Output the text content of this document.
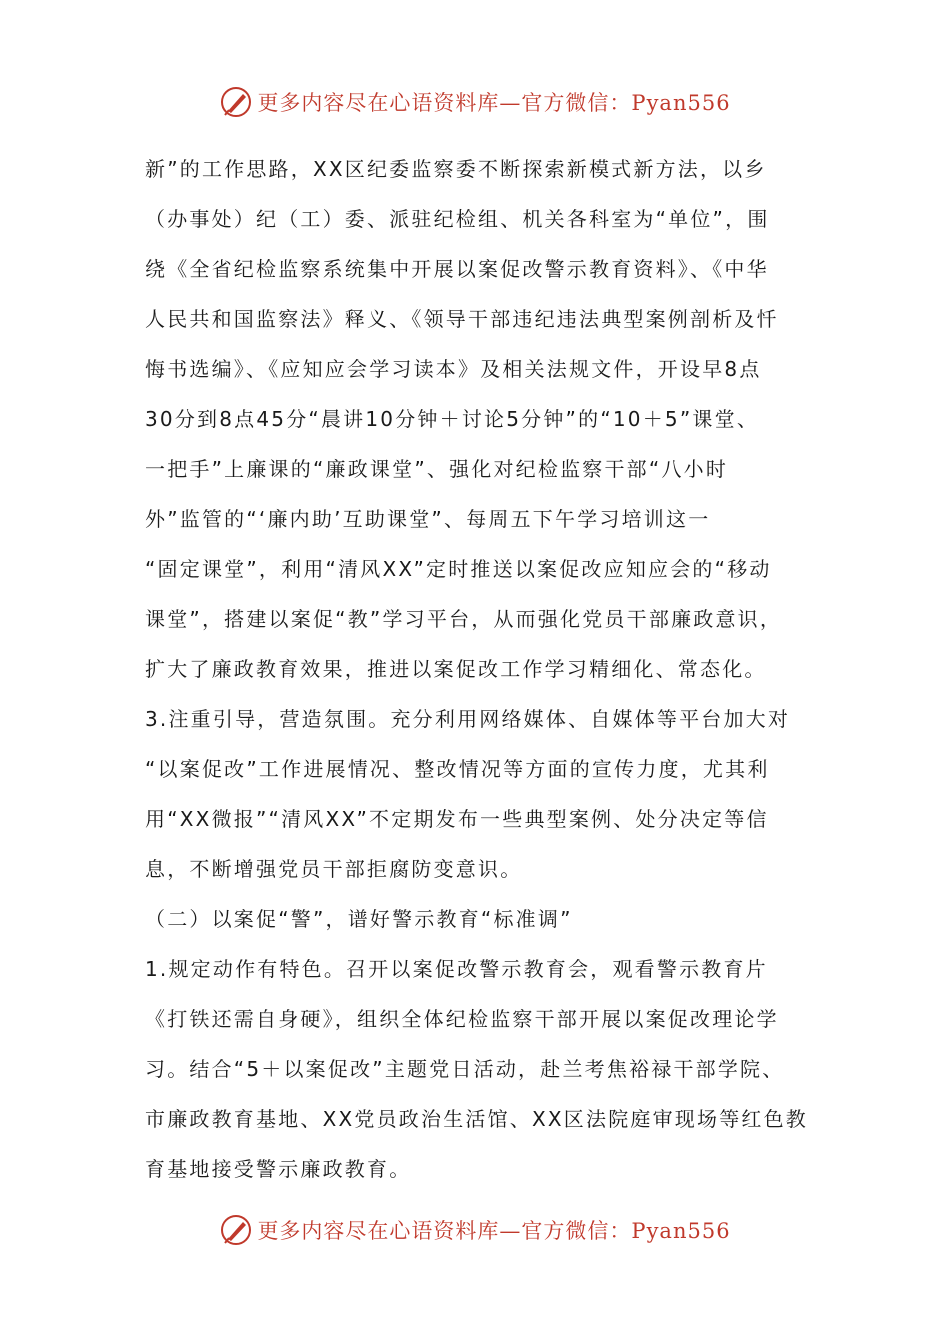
更多内容尽在心语资料库—官方微信：Pyan556
新”的工作思路，XX区纪委监察委不断探索新模式新方法，以乡
（办事处）纪（工）委、派驻纪检组、机关各科室为“单位”，围
绕《全省纪检监察系统集中开展以案促改警示教育资料》、《中华
人民共和国监察法》释义、《领导干部违纪违法典型案例剖析及忏
悔书选编》、《应知应会学习读本》及相关法规文件，开设早8点
30分到8点45分“晨讲10分钟＋讨论5分钟”的“10＋5”课堂、
一把手”上廉课的“廉政课堂”、强化对纪检监察干部“八小时
外”监管的“‘廉内助’互助课堂”、每周五下午学习培训这一
“固定课堂”，利用“清风XX”定时推送以案促改应知应会的“移动
课堂”，搭建以案促“教”学习平台，从而强化党员干部廉政意识，
扩大了廉政教育效果，推进以案促改工作学习精细化、常态化。
3.注重引导，营造氛围。充分利用网络媒体、自媒体等平台加大对
“以案促改”工作进展情况、整改情况等方面的宣传力度，尤其利
用“XX微报”“清风XX”不定期发布一些典型案例、处分决定等信
息，不断增强党员干部拒腐防变意识。
（二）以案促“警”，谱好警示教育“标准调”
1.规定动作有特色。召开以案促改警示教育会，观看警示教育片
《打铁还需自身硬》，组织全体纪检监察干部开展以案促改理论学
习。结合“5＋以案促改”主题党日活动，赴兰考焦裕禄干部学院、
市廉政教育基地、XX党员政治生活馆、XX区法院庭审现场等红色教
育基地接受警示廉政教育。
更多内容尽在心语资料库—官方微信：Pyan556
